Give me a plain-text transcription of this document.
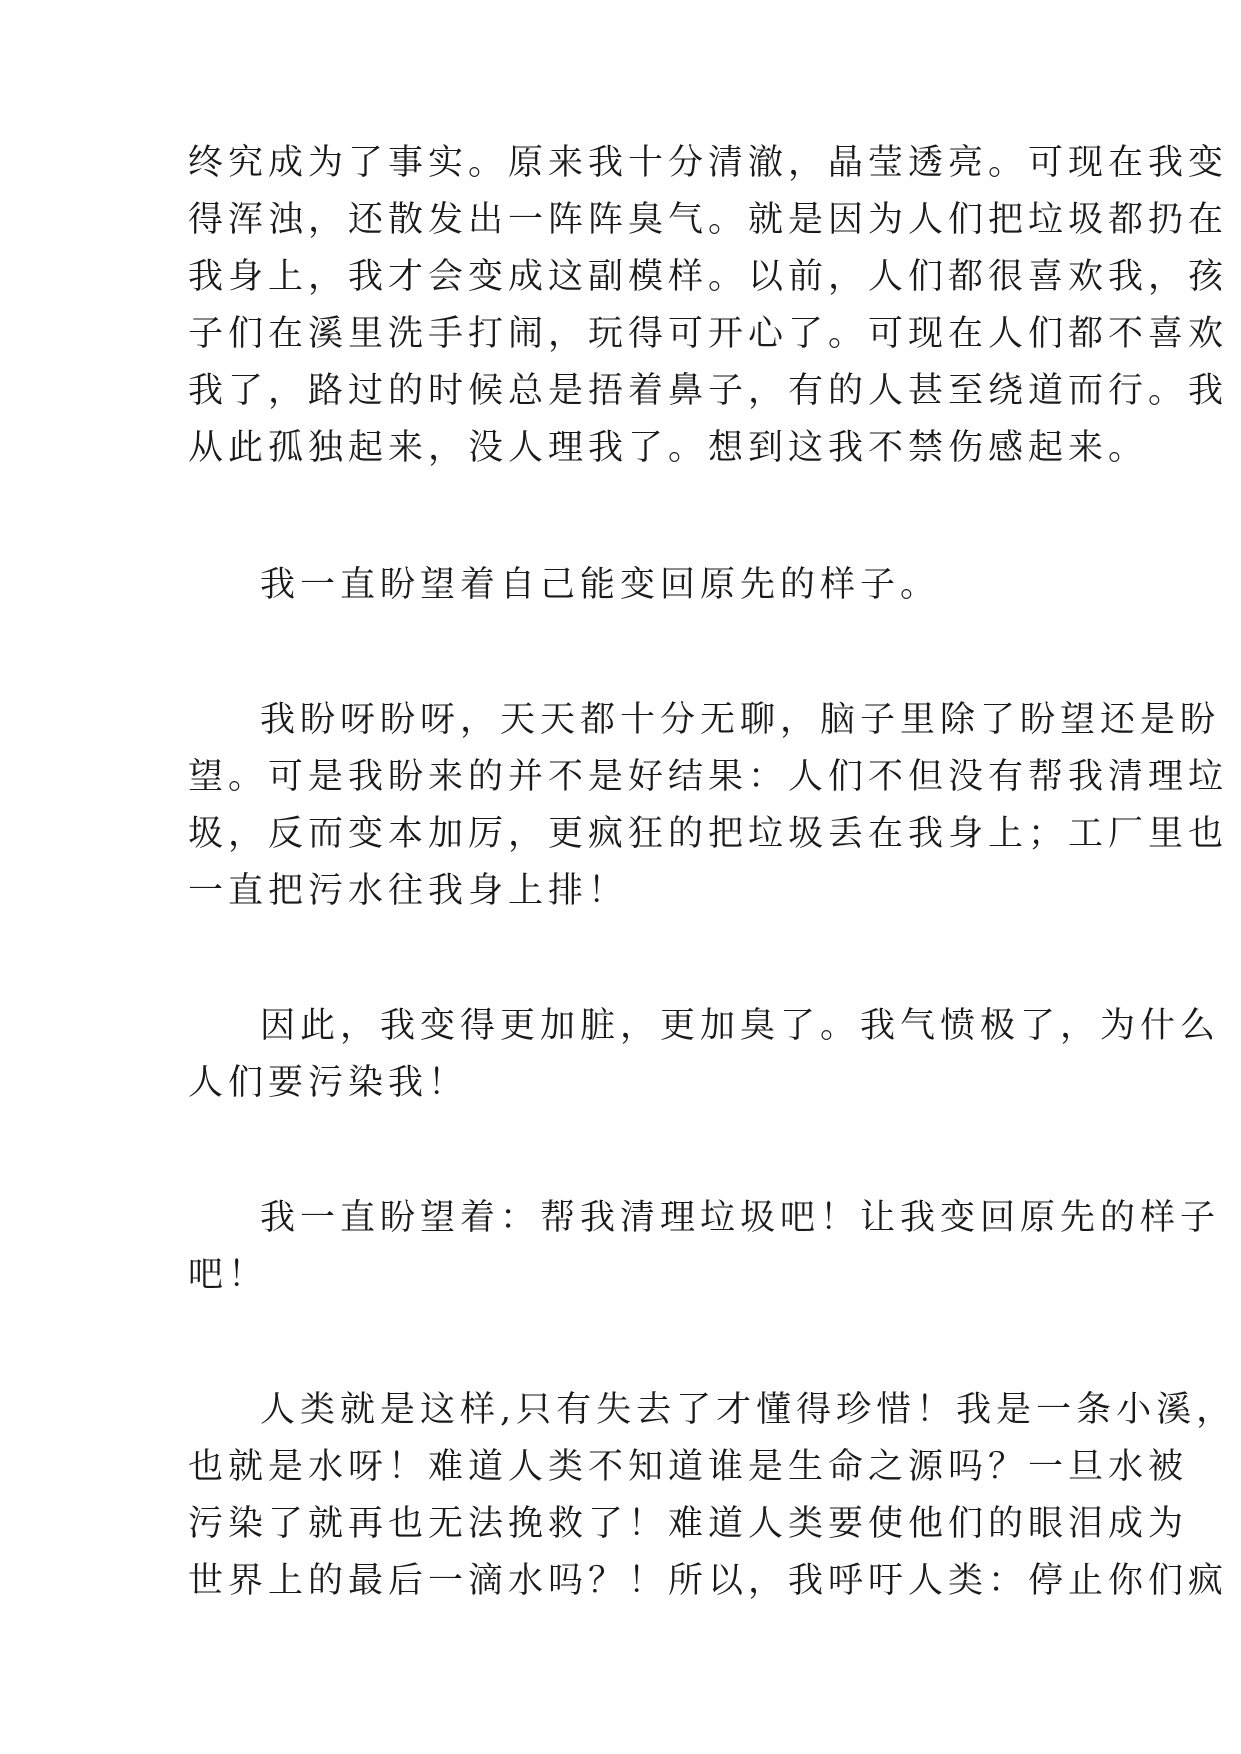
终究成为了事实。原来我十分清澈，晶莹透亮。可现在我变
得浑浊，还散发出一阵阵臭气。就是因为人们把垃圾都扔在
我身上，我才会变成这副模样。以前，人们都很喜欢我，孩
子们在溪里洗手打闹，玩得可开心了。可现在人们都不喜欢
我了，路过的时候总是捂着鼻子，有的人甚至绕道而行。我
从此孤独起来，没人理我了。想到这我不禁伤感起来。
我一直盼望着自己能变回原先的样子。
我盼呀盼呀，天天都十分无聊，脑子里除了盼望还是盼
望。可是我盼来的并不是好结果：人们不但没有帮我清理垃
圾，反而变本加厉，更疯狂的把垃圾丢在我身上；工厂里也
一直把污水往我身上排！
因此，我变得更加脏，更加臭了。我气愤极了，为什么
人们要污染我！
我一直盼望着：帮我清理垃圾吧！让我变回原先的样子
吧！
人类就是这样,只有失去了才懂得珍惜！我是一条小溪，
也就是水呀！难道人类不知道谁是生命之源吗？一旦水被
污染了就再也无法挽救了！难道人类要使他们的眼泪成为
世界上的最后一滴水吗？！所以，我呼吁人类：停止你们疯
